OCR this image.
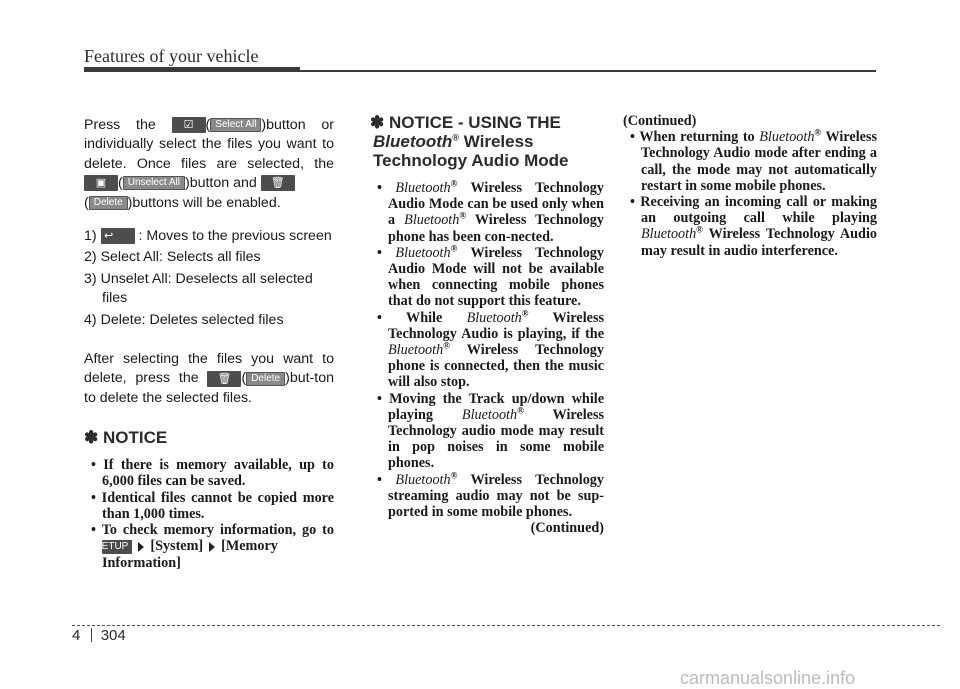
Features of your vehicle

Press the	☑ ( Select All )button or individually select the files you want to delete. Once files are selected, the ▣ ( Unselect All )button and 🗑
( Delete )buttons will be enabled.

1) ↩ : Moves to the previous screen
2) Select All: Selects all files
3) Unselet All: Deselects all selected files
4) Delete: Deletes selected files

After selecting the files you want to delete, press the 🗑 ( Delete )but-ton to delete the selected files.

✽ NOTICE

• If there is memory available, up to 6,000 files can be saved.
• Identical files cannot be copied more than 1,000 times.
• To check memory information, go to SETUP [System] [Memory Information]
✽ NOTICE - USING THE
Bluetooth® Wireless
Technology Audio Mode
• Bluetooth® Wireless Technology Audio Mode can be used only when a Bluetooth® Wireless Technology phone has been con-nected.
• Bluetooth® Wireless Technology Audio Mode will not be available when connecting mobile phones that do not support this feature.
• While Bluetooth® Wireless Technology Audio is playing, if the Bluetooth® Wireless Technology phone is connected, then the music will also stop.
• Moving the Track up/down while playing Bluetooth® Wireless Technology audio mode may result in pop noises in some mobile phones.
• Bluetooth® Wireless Technology streaming audio may not be sup-ported in some mobile phones.
(Continued)
(Continued)
• When returning to Bluetooth® Wireless Technology Audio mode after ending a call, the mode may not automatically restart in some mobile phones.
• Receiving an incoming call or making an outgoing call while playing Bluetooth® Wireless Technology Audio may result in audio interference.
4 304
carmanualsonline.info
